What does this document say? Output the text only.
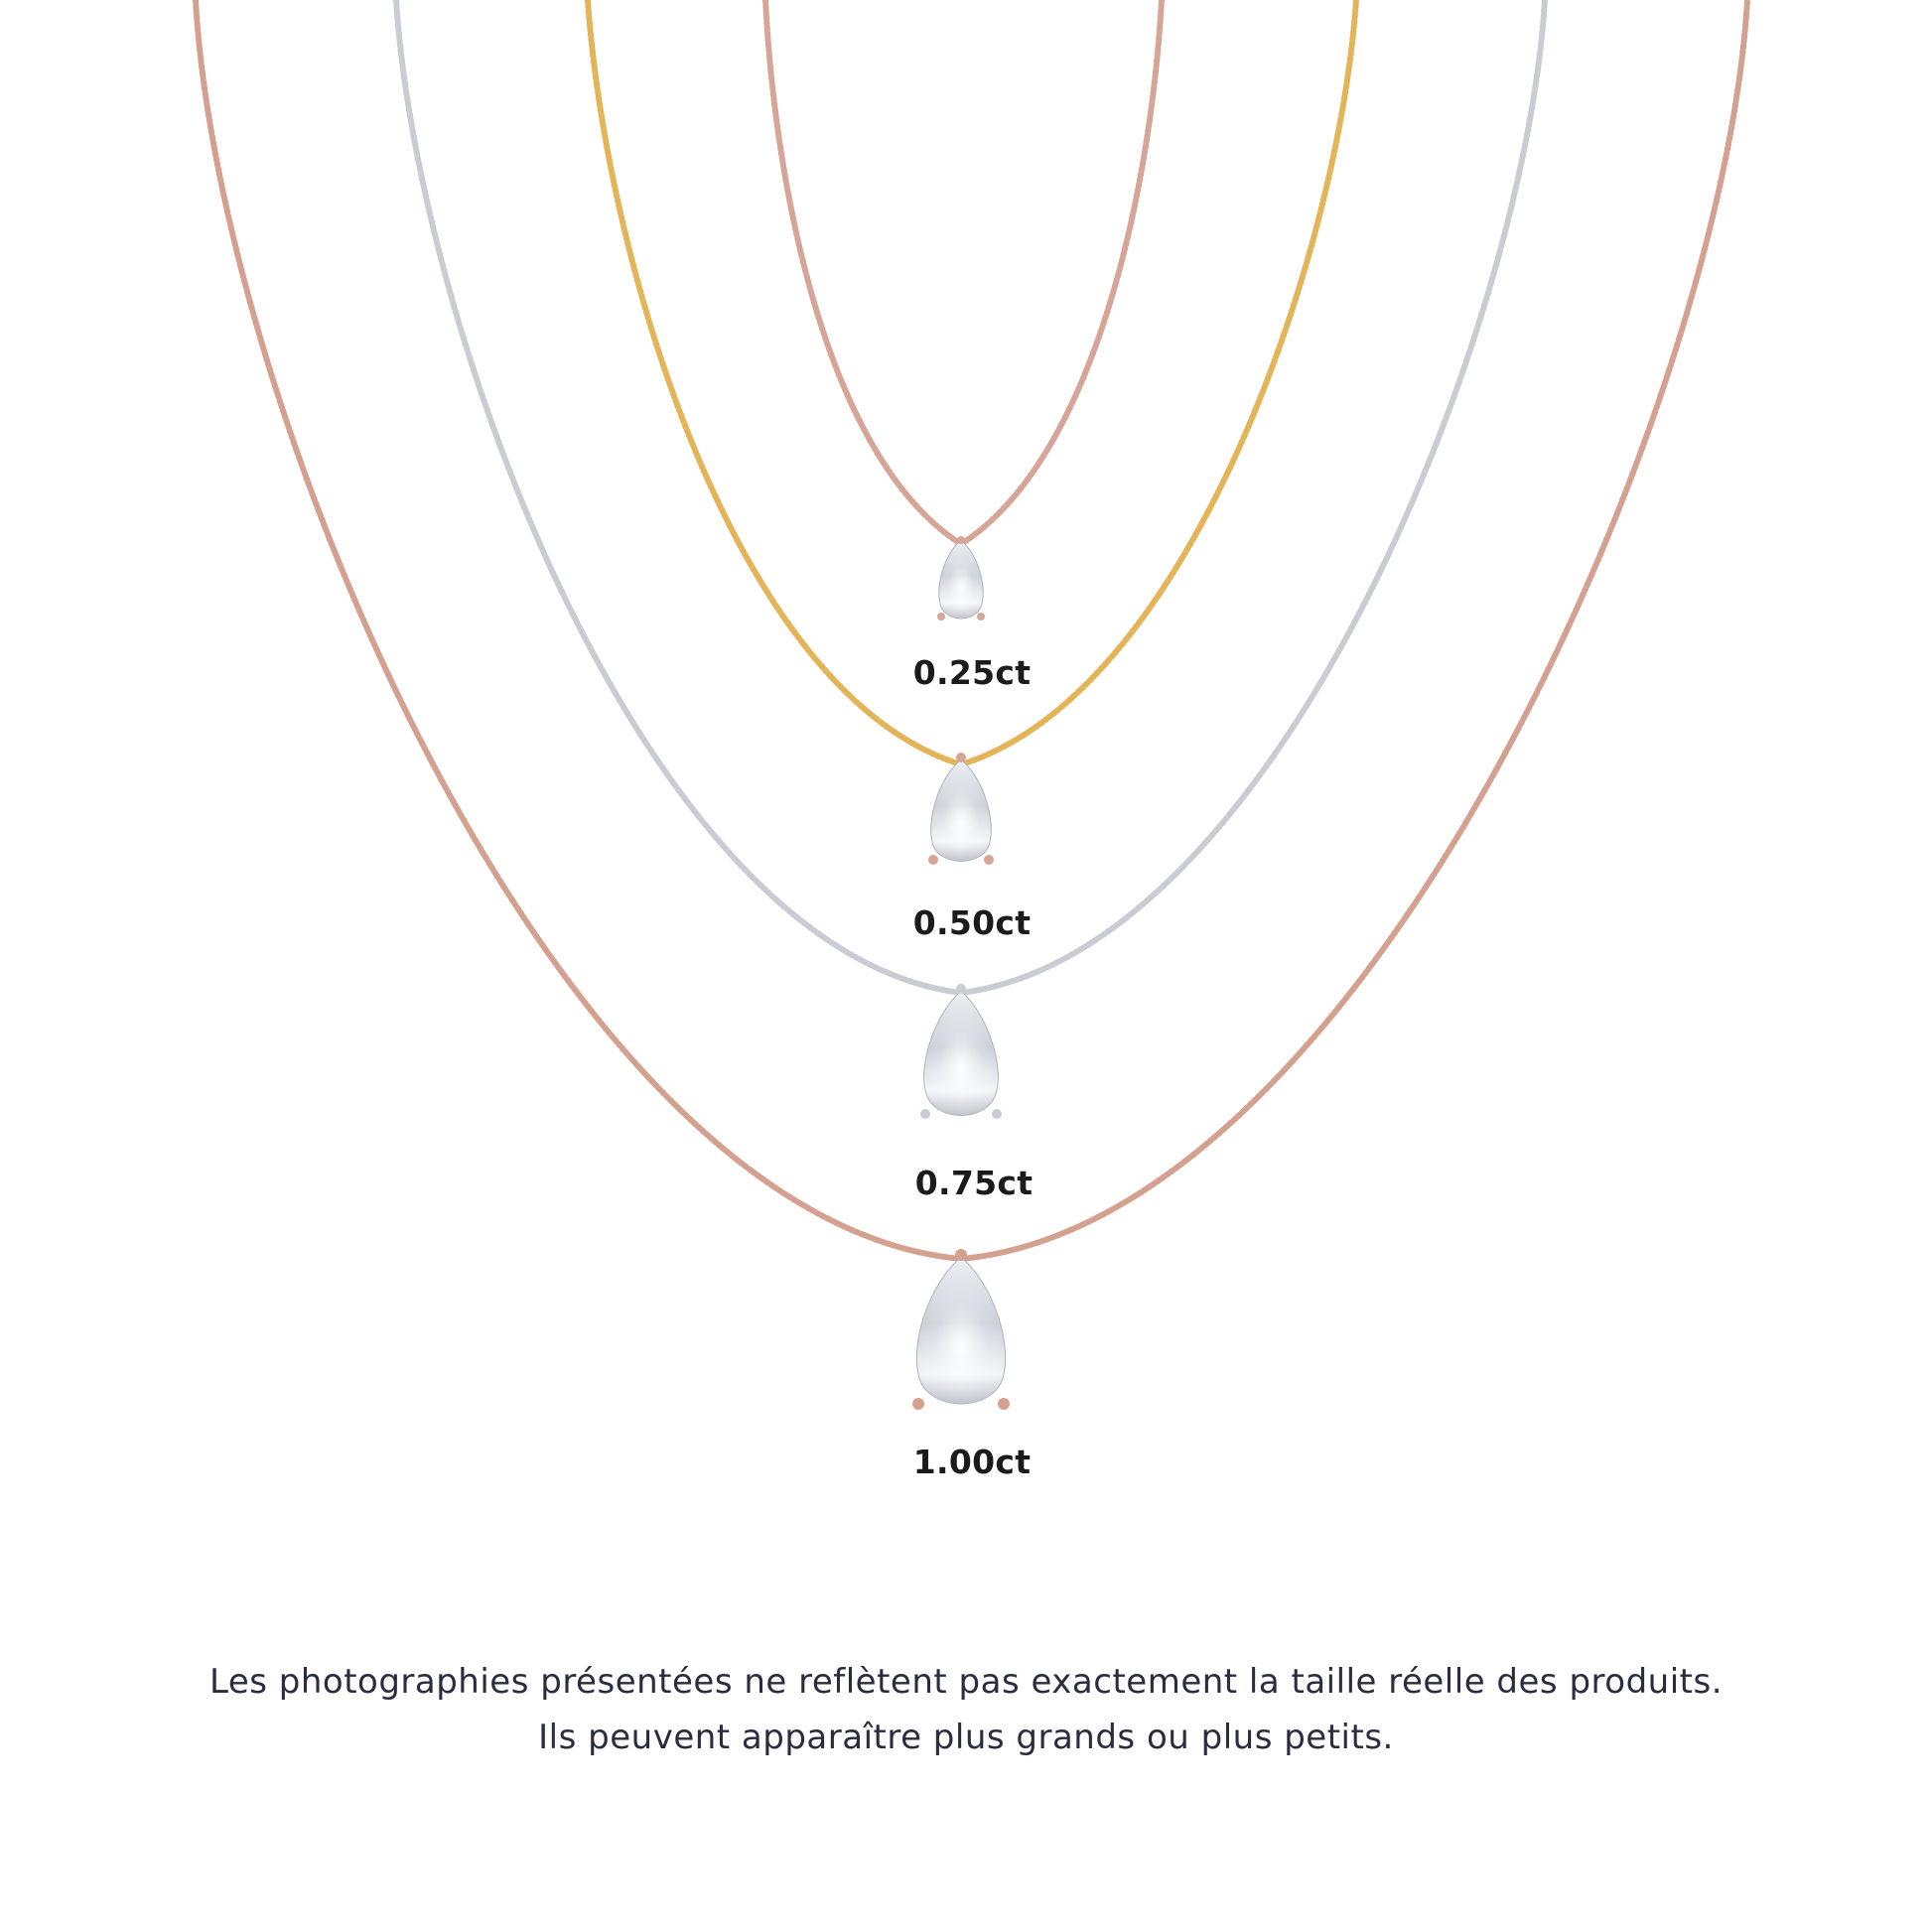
0.25ct
0.50ct
0.75ct
1.00ct
Les photographies présentées ne reflètent pas exactement la taille réelle des produits.
Ils peuvent apparaître plus grands ou plus petits.
